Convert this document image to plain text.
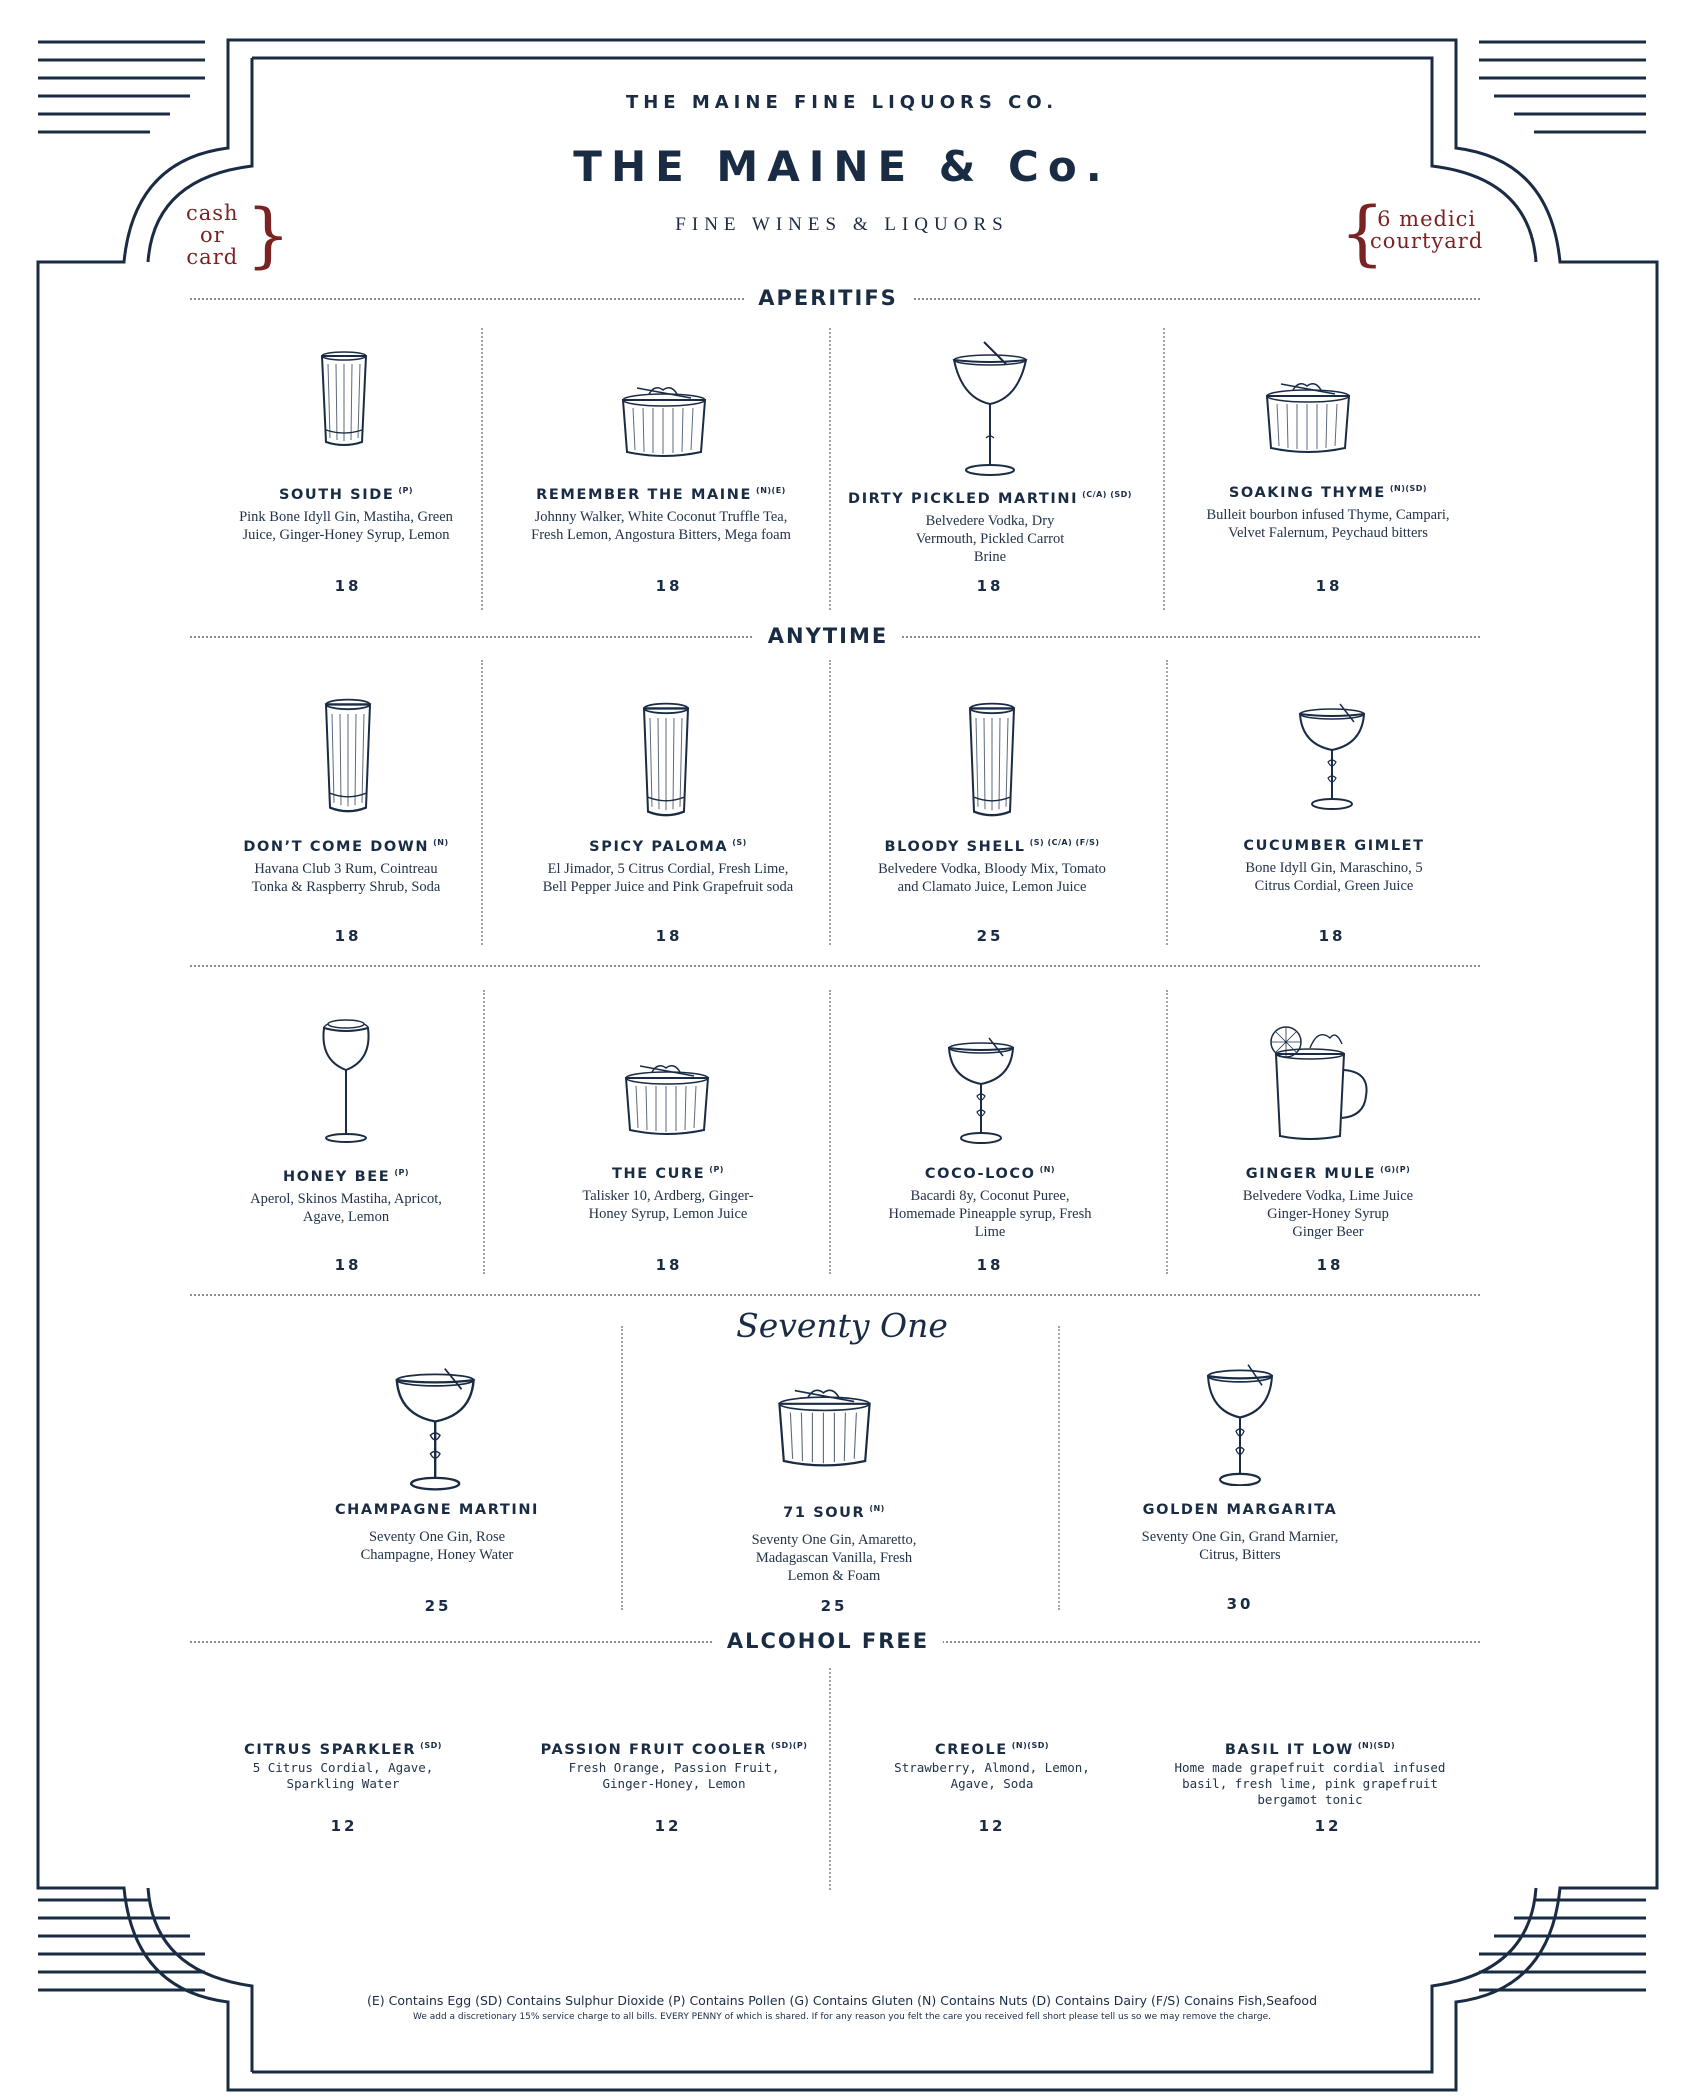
THE MAINE FINE LIQUORS CO.
THE MAINE & Co.
FINE WINES & LIQUORS
cash
or
card }	{
6 medici
courtyard
APERITIFS
ANYTIME
Seventy One
ALCOHOL FREE
SOUTH SIDE $^{(P)}$
Pink Bone Idyll Gin, Mastiha, Green
Juice, Ginger-Honey Syrup, Lemon
REMEMBER THE MAINE $^{(N)(E)}$
Johnny Walker, White Coconut Truffle Tea,
Fresh Lemon, Angostura Bitters, Mega foam
DIRTY PICKLED MARTINI $^{(C/A) (SD)}$
Belvedere Vodka, Dry
Vermouth, Pickled Carrot
Brine
SOAKING THYME $^{(N)(SD)}$
Bulleit bourbon infused Thyme, Campari,
Velvet Falernum, Peychaud bitters
18	18	18	18
DON’T COME DOWN $^{(N)}$
Havana Club 3 Rum, Cointreau
Tonka & Raspberry Shrub, Soda
SPICY PALOMA $^{(S)}$
El Jimador, 5 Citrus Cordial, Fresh Lime,
Bell Pepper Juice and Pink Grapefruit soda
BLOODY SHELL $^{(S) (C/A) (F/S)}$
Belvedere Vodka, Bloody Mix, Tomato
and Clamato Juice, Lemon Juice
CUCUMBER GIMLET
Bone Idyll Gin, Maraschino, 5
Citrus Cordial, Green Juice
18	18	25	18
HONEY BEE $^{(P)}$
Aperol, Skinos Mastiha, Apricot,
Agave, Lemon
THE CURE $^{(P)}$
Talisker 10, Ardberg, Ginger-
Honey Syrup, Lemon Juice
COCO-LOCO $^{(N)}$
Bacardi 8y, Coconut Puree,
Homemade Pineapple syrup, Fresh
Lime
GINGER MULE $^{(G)(P)}$
Belvedere Vodka, Lime Juice
Ginger-Honey Syrup
Ginger Beer
18	18	18	18
CHAMPAGNE MARTINI
Seventy One Gin, Rose
Champagne, Honey Water
71 SOUR $^{(N)}$
Seventy One Gin, Amaretto,
Madagascan Vanilla, Fresh
Lemon & Foam
GOLDEN MARGARITA
Seventy One Gin, Grand Marnier,
Citrus, Bitters
25	25	30
CITRUS SPARKLER $^{(SD)}$
5 Citrus Cordial, Agave,
Sparkling Water
PASSION FRUIT COOLER $^{(SD)(P)}$
Fresh Orange, Passion Fruit,
Ginger-Honey, Lemon
CREOLE $^{(N)(SD)}$
Strawberry, Almond, Lemon,
Agave, Soda
BASIL IT LOW $^{(N)(SD)}$
Home made grapefruit cordial infused
basil, fresh lime, pink grapefruit
bergamot tonic
12	12	12	12
(E) Contains Egg (SD) Contains Sulphur Dioxide (P) Contains Pollen (G) Contains Gluten (N) Contains Nuts (D) Contains Dairy (F/S) Conains Fish,Seafood
We add a discretionary 15% service charge to all bills. EVERY PENNY of which is shared. If for any reason you felt the care you received fell short please tell us so we may remove the charge.
